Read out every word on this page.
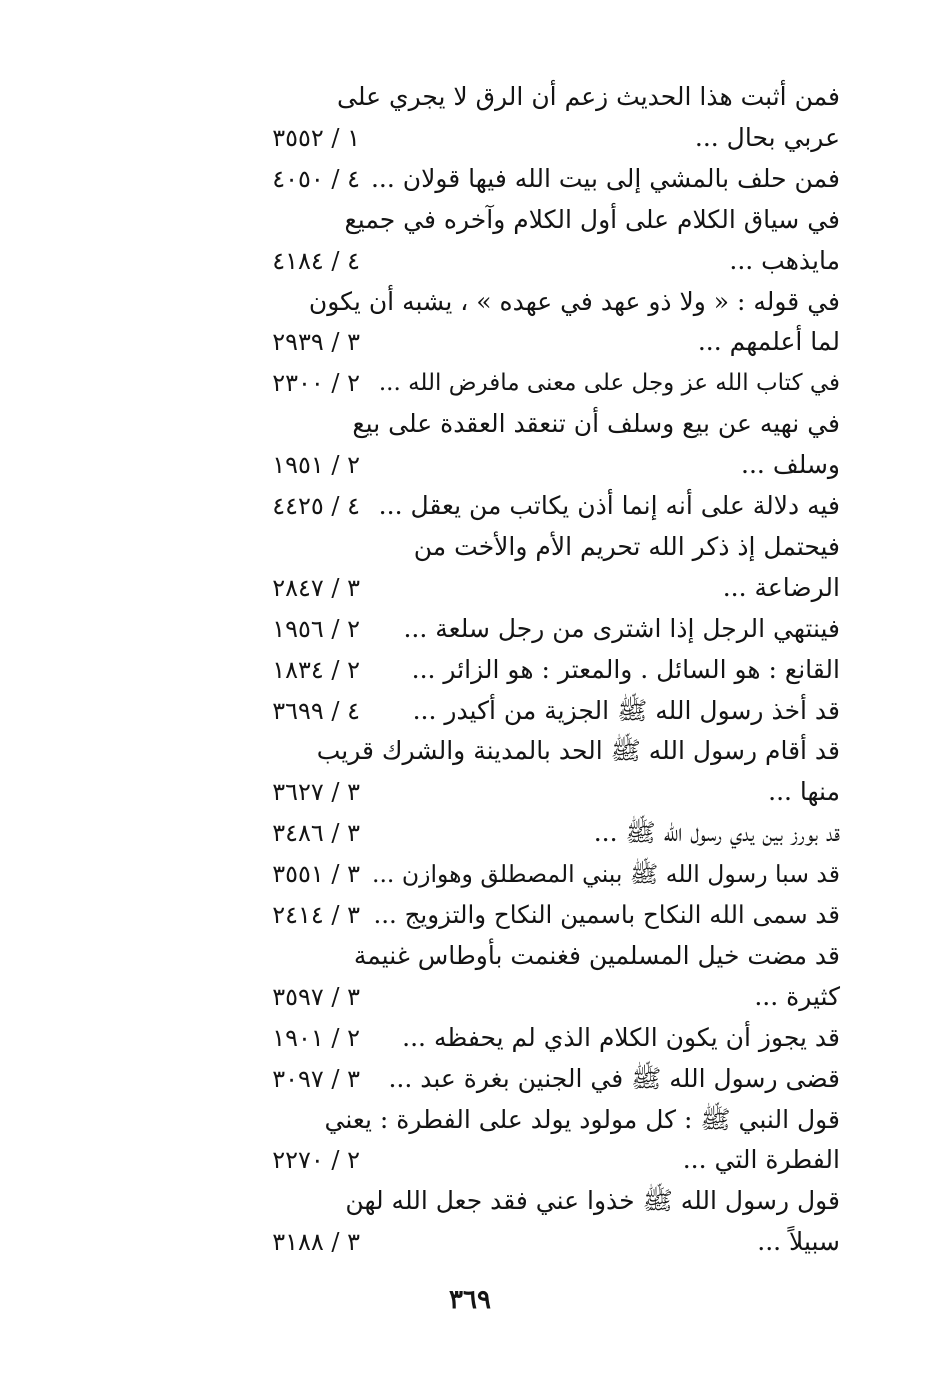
فمن أثبت هذا الحديث زعم أن الرق لا يجري على
عربي بحال ...
١ / ٣٥٥٢
فمن حلف بالمشي إلى بيت الله فيها قولان ...
٤ / ٤٠٥٠
في سياق الكلام على أول الكلام وآخره في جميع
مايذهب ...
٤ / ٤١٨٤
في قوله : « ولا ذو عهد في عهده » ، يشبه أن يكون
لما أعلمهم ...
٣ / ٢٩٣٩
في كتاب الله عز وجل على معنى مافرض الله ...
٢ / ٢٣٠٠
في نهيه عن بيع وسلف أن تنعقد العقدة على بيع
وسلف ...
٢ / ١٩٥١
فيه دلالة على أنه إنما أذن يكاتب من يعقل ...
٤ / ٤٤٢٥
فيحتمل إذ ذكر الله تحريم الأم والأخت من
الرضاعة ...
٣ / ٢٨٤٧
فينتهي الرجل إذا اشترى من رجل سلعة ...
٢ / ١٩٥٦
القانع : هو السائل . والمعتر : هو الزائر ...
٢ / ١٨٣٤
قد أخذ رسول الله ﷺ الجزية من أكيدر ...
٤ / ٣٦٩٩
قد أقام رسول الله ﷺ الحد بالمدينة والشرك قريب
منها ...
٣ / ٣٦٢٧
قد بورز بين يدي رسول الله ﷺ ...
٣ / ٣٤٨٦
قد سبا رسول الله ﷺ ببني المصطلق وهوازن ...
٣ / ٣٥٥١
قد سمى الله النكاح باسمين النكاح والتزويج ...
٣ / ٢٤١٤
قد مضت خيل المسلمين فغنمت بأوطاس غنيمة
كثيرة ...
٣ / ٣٥٩٧
قد يجوز أن يكون الكلام الذي لم يحفظه ...
٢ / ١٩٠١
قضى رسول الله ﷺ في الجنين بغرة عبد ...
٣ / ٣٠٩٧
قول النبي ﷺ : كل مولود يولد على الفطرة : يعني
الفطرة التي ...
٢ / ٢٢٧٠
قول رسول الله ﷺ خذوا عني فقد جعل الله لهن
سبيلاً ...
٣ / ٣١٨٨
٣٦٩
